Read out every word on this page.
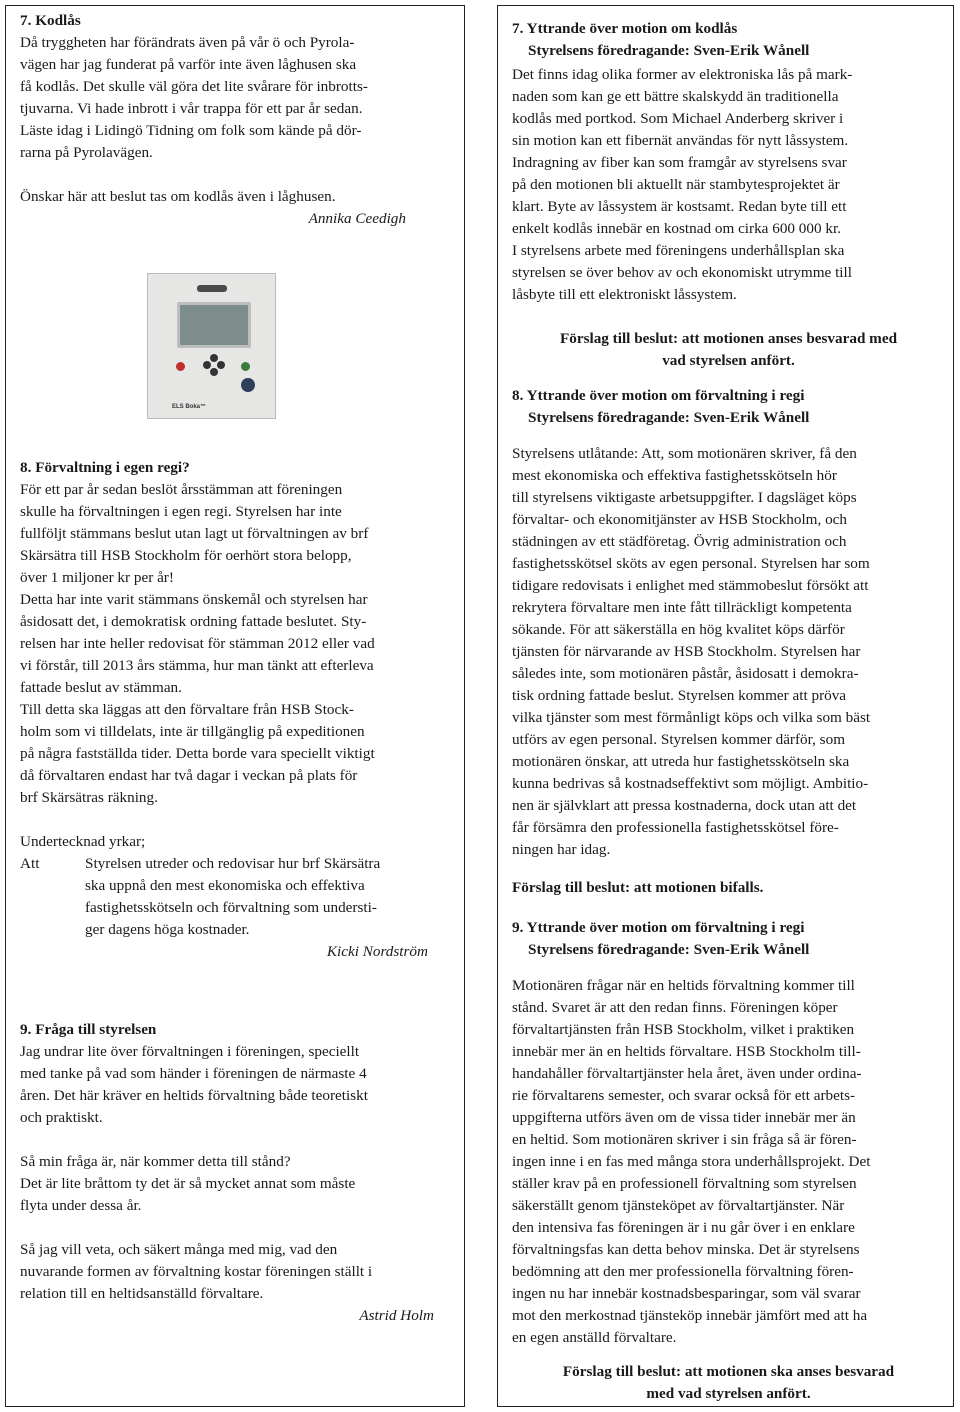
7. Kodlås

Då tryggheten har förändrats även på vår ö och Pyrola-

vägen har jag funderat på varför inte även låghusen ska

få kodlås. Det skulle väl göra det lite svårare för inbrotts-

tjuvarna. Vi hade inbrott i vår trappa för ett par år sedan.

Läste idag i Lidingö Tidning om folk som kände på dör-

rarna på Pyrolavägen.

Önskar här att beslut tas om kodlås även i låghusen.

Annika Ceedigh

ELS Boka™

8. Förvaltning i egen regi?

För ett par år sedan beslöt årsstämman att föreningen

skulle ha förvaltningen i egen regi. Styrelsen har inte

fullföljt stämmans beslut utan lagt ut förvaltningen av brf

Skärsätra till HSB Stockholm för oerhört stora belopp,

över 1 miljoner kr per år!

Detta har inte varit stämmans önskemål och styrelsen har

åsidosatt det, i demokratisk ordning fattade beslutet. Sty-

relsen har inte heller redovisat för stämman 2012 eller vad

vi förstår, till 2013 års stämma, hur man tänkt att efterleva

fattade beslut av stämman.

Till detta ska läggas att den förvaltare från HSB Stock-

holm som vi tilldelats, inte är tillgänglig på expeditionen

på några fastställda tider. Detta borde vara speciellt viktigt

då förvaltaren endast har två dagar i veckan på plats för

brf Skärsätras räkning.

Undertecknad yrkar;

Att	Styrelsen utreder och redovisar hur brf Skärsätra

ska uppnå den mest ekonomiska och effektiva

fastighetsskötseln och förvaltning som understi-

ger dagens höga kostnader.

Kicki Nordström

9. Fråga till styrelsen

Jag undrar lite över förvaltningen i föreningen, speciellt

med tanke på vad som händer i föreningen de närmaste 4

åren. Det här kräver en heltids förvaltning både teoretiskt

och praktiskt.

Så min fråga är, när kommer detta till stånd?

Det är lite bråttom ty det är så mycket annat som måste

flyta under dessa år.

Så jag vill veta, och säkert många med mig, vad den

nuvarande formen av förvaltning kostar föreningen ställt i

relation till en heltidsanställd förvaltare.

Astrid Holm

7. Yttrande över motion om kodlås
Styrelsens föredragande: Sven-Erik Wånell

Det finns idag olika former av elektroniska lås på mark-

naden som kan ge ett bättre skalskydd än traditionella

kodlås med portkod. Som Michael Anderberg skriver i

sin motion kan ett fibernät användas för nytt låssystem.

Indragning av fiber kan som framgår av styrelsens svar

på den motionen bli aktuellt när stambytesprojektet är

klart. Byte av låssystem är kostsamt. Redan byte till ett

enkelt kodlås innebär en kostnad om cirka 600 000 kr.

I styrelsens arbete med föreningens underhållsplan ska

styrelsen se över behov av och ekonomiskt utrymme till

låsbyte till ett elektroniskt låssystem.

Förslag till beslut: att motionen anses besvarad med

vad styrelsen anfört.

8. Yttrande över motion om förvaltning i regi
Styrelsens föredragande: Sven-Erik Wånell

Styrelsens utlåtande: Att, som motionären skriver, få den

mest ekonomiska och effektiva fastighetsskötseln hör

till styrelsens viktigaste arbetsuppgifter. I dagsläget köps

förvaltar- och ekonomitjänster av HSB Stockholm, och

städningen av ett städföretag. Övrig administration och

fastighetsskötsel sköts av egen personal. Styrelsen har som

tidigare redovisats i enlighet med stämmobeslut försökt att

rekrytera förvaltare men inte fått tillräckligt kompetenta

sökande. För att säkerställa en hög kvalitet köps därför

tjänsten för närvarande av HSB Stockholm. Styrelsen har

således inte, som motionären påstår, åsidosatt i demokra-

tisk ordning fattade beslut. Styrelsen kommer att pröva

vilka tjänster som mest förmånligt köps och vilka som bäst

utförs av egen personal. Styrelsen kommer därför, som

motionären önskar, att utreda hur fastighetsskötseln ska

kunna bedrivas så kostnadseffektivt som möjligt. Ambitio-

nen är självklart att pressa kostnaderna, dock utan att det

får försämra den professionella fastighetsskötsel före-

ningen har idag.

Förslag till beslut: att motionen bifalls.

9. Yttrande över motion om förvaltning i regi
Styrelsens föredragande: Sven-Erik Wånell

Motionären frågar när en heltids förvaltning kommer till

stånd. Svaret är att den redan finns. Föreningen köper

förvaltartjänsten från HSB Stockholm, vilket i praktiken

innebär mer än en heltids förvaltare. HSB Stockholm till-

handahåller förvaltartjänster hela året, även under ordina-

rie förvaltarens semester, och svarar också för ett arbets-

uppgifterna utförs även om de vissa tider innebär mer än

en heltid. Som motionären skriver i sin fråga så är fören-

ingen inne i en fas med många stora underhållsprojekt. Det

ställer krav på en professionell förvaltning som styrelsen

säkerställt genom tjänsteköpet av förvaltartjänster. När

den intensiva fas föreningen är i nu går över i en enklare

förvaltningsfas kan detta behov minska. Det är styrelsens

bedömning att den mer professionella förvaltning fören-

ingen nu har innebär kostnadsbesparingar, som väl svarar

mot den merkostnad tjänsteköp innebär jämfört med att ha

en egen anställd förvaltare.

Förslag till beslut: att motionen ska anses besvarad

med vad styrelsen anfört.
